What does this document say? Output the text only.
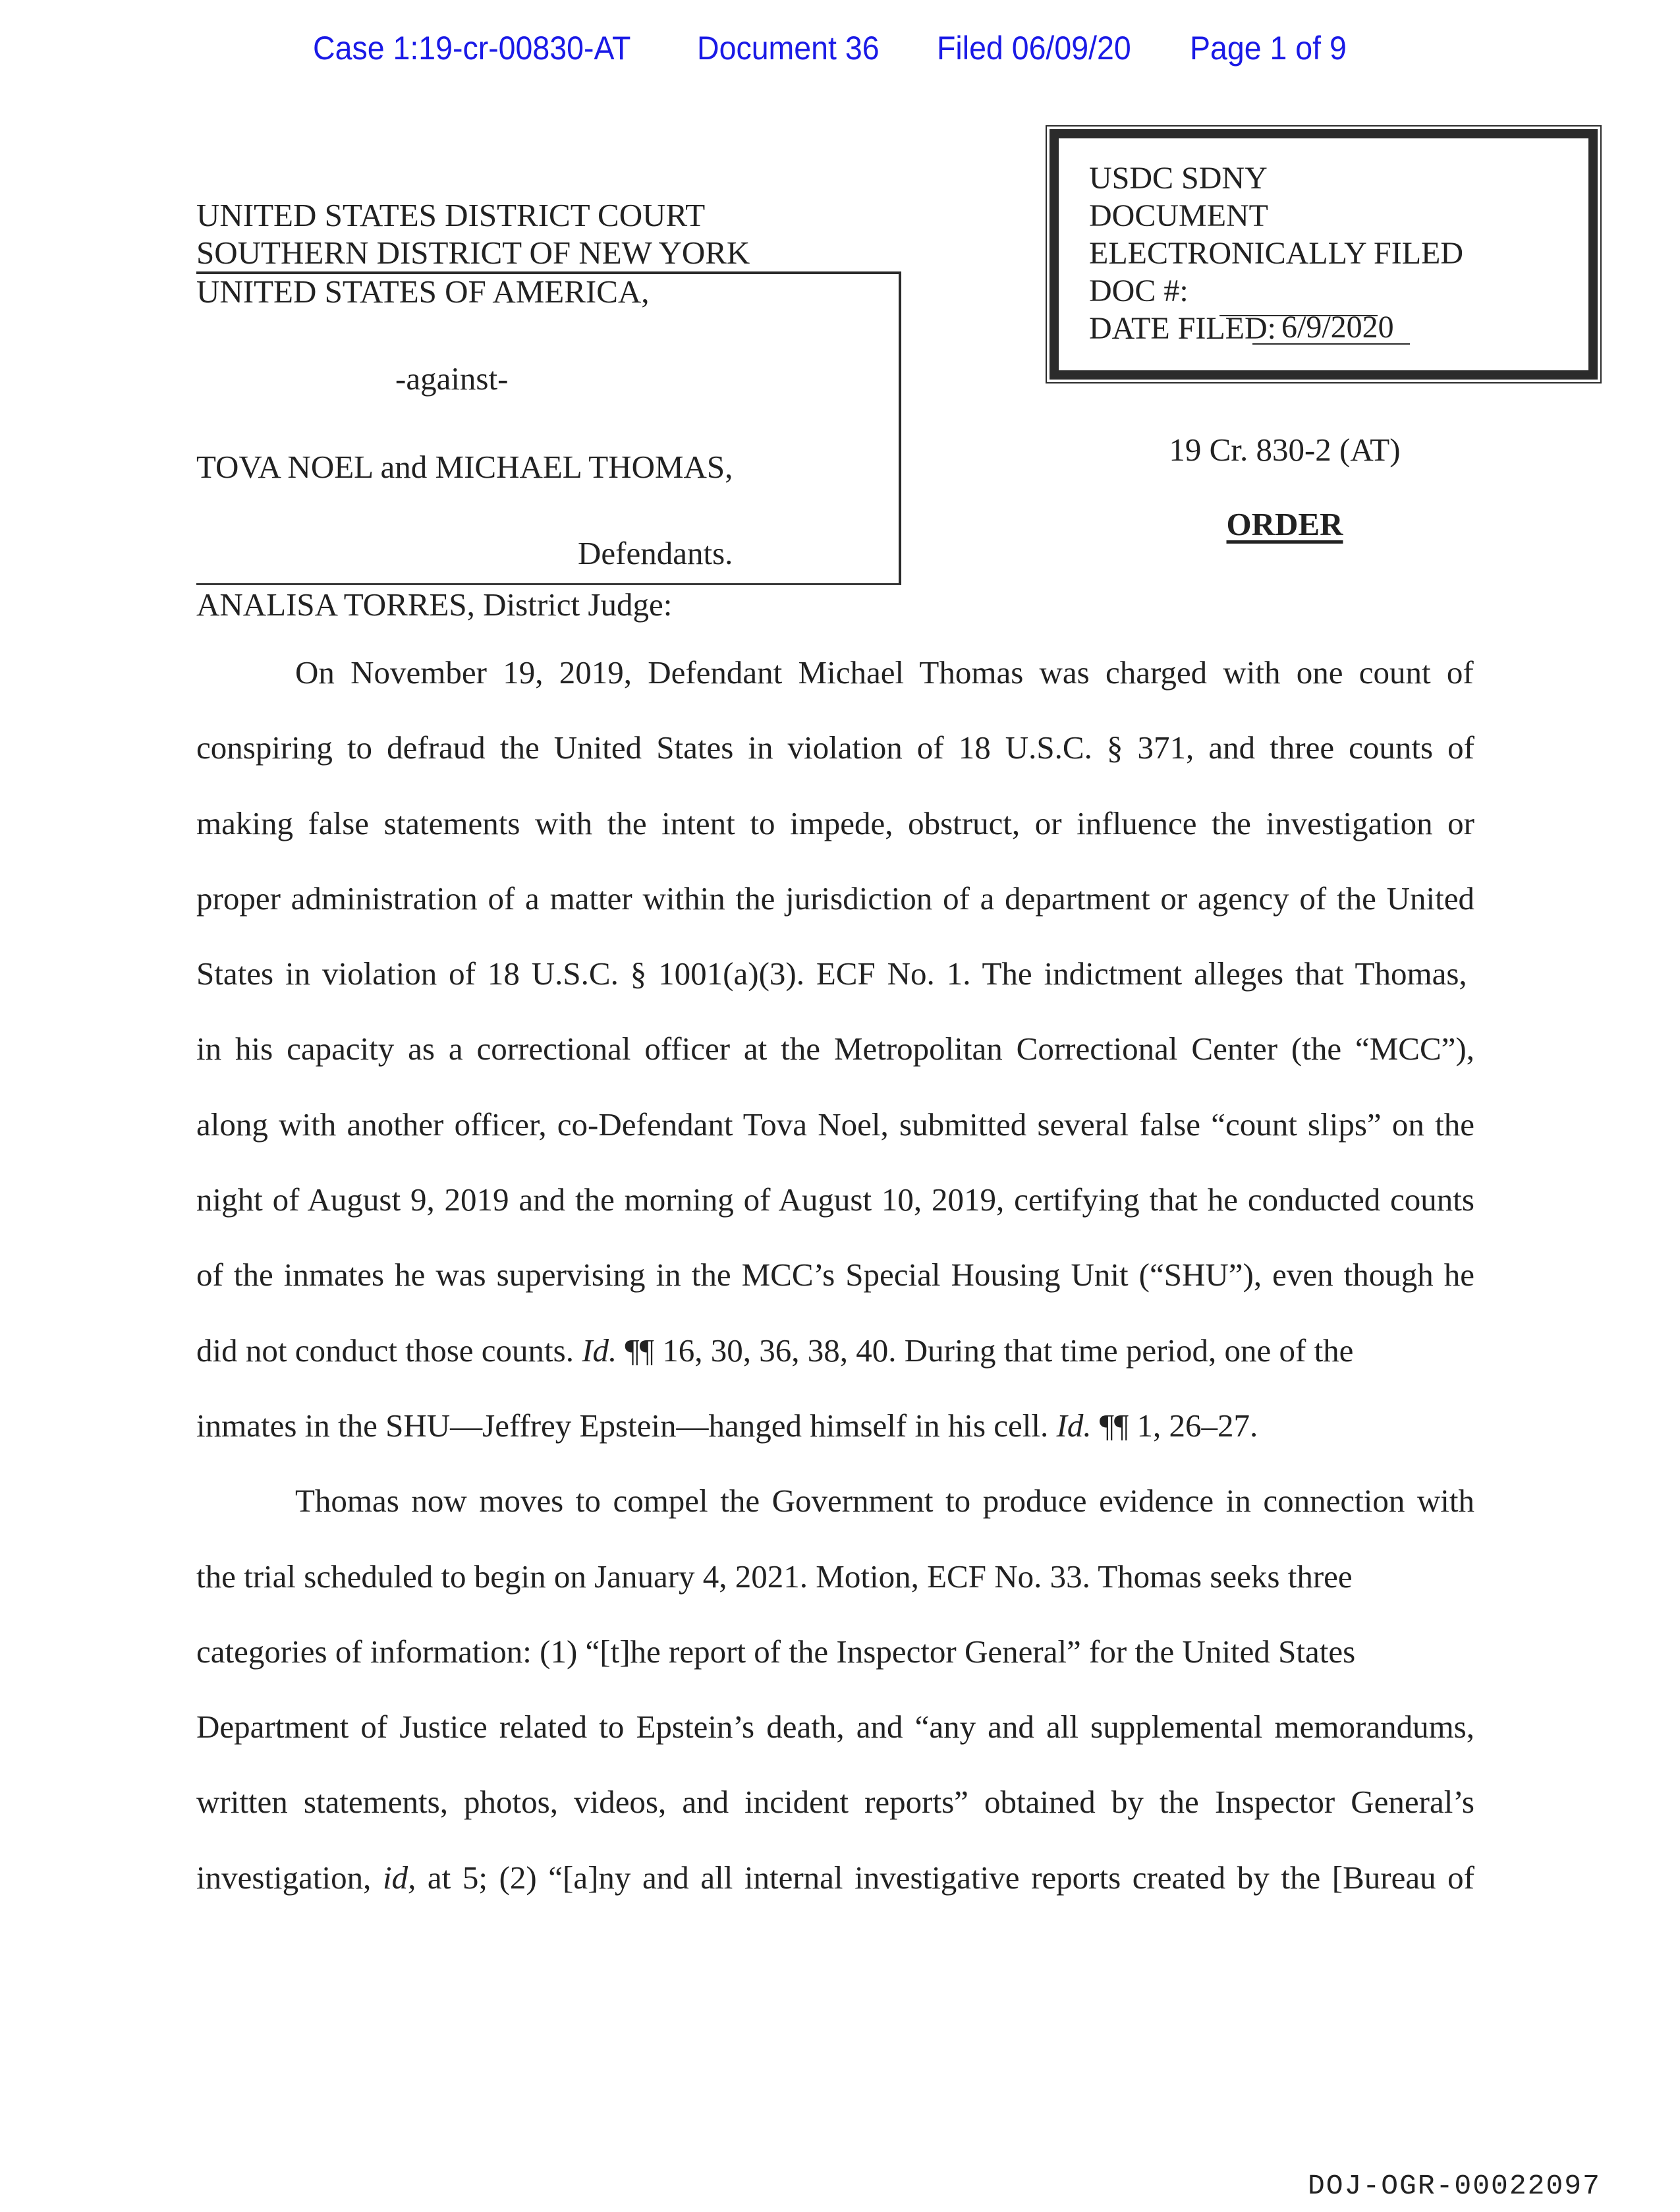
Case 1:19-cr-00830-AT Document 36 Filed 06/09/20 Page 1 of 9
UNITED STATES DISTRICT COURT
SOUTHERN DISTRICT OF NEW YORK
UNITED STATES OF AMERICA,
-against-
TOVA NOEL and MICHAEL THOMAS,
Defendants.
USDC SDNY
DOCUMENT
ELECTRONICALLY FILED
DOC #:
DATE FILED: 6/9/2020
19 Cr. 830-2 (AT)
ORDER
ANALISA TORRES, District Judge:
On November 19, 2019, Defendant Michael Thomas was charged with one count of
conspiring to defraud the United States in violation of 18 U.S.C. § 371, and three counts of
making false statements with the intent to impede, obstruct, or influence the investigation or
proper administration of a matter within the jurisdiction of a department or agency of the United
States in violation of 18 U.S.C. § 1001(a)(3). ECF No. 1. The indictment alleges that Thomas,
in his capacity as a correctional officer at the Metropolitan Correctional Center (the “MCC”),
along with another officer, co-Defendant Tova Noel, submitted several false “count slips” on the
night of August 9, 2019 and the morning of August 10, 2019, certifying that he conducted counts
of the inmates he was supervising in the MCC’s Special Housing Unit (“SHU”), even though he
did not conduct those counts. Id. ¶¶ 16, 30, 36, 38, 40. During that time period, one of the
inmates in the SHU—Jeffrey Epstein—hanged himself in his cell. Id. ¶¶ 1, 26–27.
Thomas now moves to compel the Government to produce evidence in connection with
the trial scheduled to begin on January 4, 2021. Motion, ECF No. 33. Thomas seeks three
categories of information: (1) “[t]he report of the Inspector General” for the United States
Department of Justice related to Epstein’s death, and “any and all supplemental memorandums,
written statements, photos, videos, and incident reports” obtained by the Inspector General’s
investigation, id, at 5; (2) “[a]ny and all internal investigative reports created by the [Bureau of
DOJ-OGR-00022097
